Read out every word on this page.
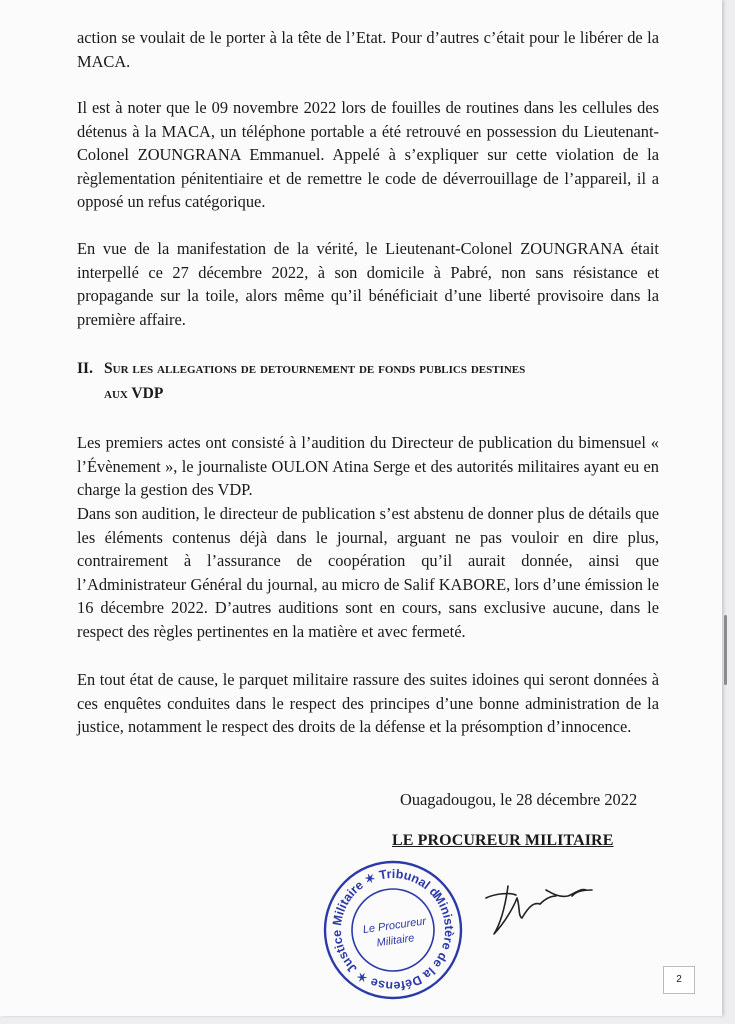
action se voulait de le porter à la tête de l’Etat. Pour d’autres c’était pour le libérer de la MACA.

Il est à noter que le 09 novembre 2022 lors de fouilles de routines dans les cellules des détenus à la MACA, un téléphone portable a été retrouvé en possession du Lieutenant-Colonel ZOUNGRANA Emmanuel. Appelé à s’expliquer sur cette violation de la règlementation pénitentiaire et de remettre le code de déverrouillage de l’appareil, il a opposé un refus catégorique.

En vue de la manifestation de la vérité, le Lieutenant-Colonel ZOUNGRANA était interpellé ce 27 décembre 2022, à son domicile à Pabré, non sans résistance et propagande sur la toile, alors même qu’il bénéficiait d’une liberté provisoire dans la première affaire.

II. Sur les allegations de detournement de fonds publics destines
aux VDP

Les premiers actes ont consisté à l’audition du Directeur de publication du bimensuel « l’Évènement », le journaliste OULON Atina Serge et des autorités militaires ayant eu en charge la gestion des VDP.

Dans son audition, le directeur de publication s’est abstenu de donner plus de détails que les éléments contenus déjà dans le journal, arguant ne pas vouloir en dire plus, contrairement à l’assurance de coopération qu’il aurait donnée, ainsi que l’Administrateur Général du journal, au micro de Salif KABORE, lors d’une émission le 16 décembre 2022. D’autres auditions sont en cours, sans exclusive aucune, dans le respect des règles pertinentes en la matière et avec fermeté.

En tout état de cause, le parquet militaire rassure des suites idoines qui seront données à ces enquêtes conduites dans le respect des principes d’une bonne administration de la justice, notamment le respect des droits de la défense et la présomption d’innocence.

Ouagadougou, le 28 décembre 2022
LE PROCUREUR MILITAIRE
Ministère de la Défense ✶ Justice Militaire ✶ Tribunal de
Le Procureur
Militaire
2
